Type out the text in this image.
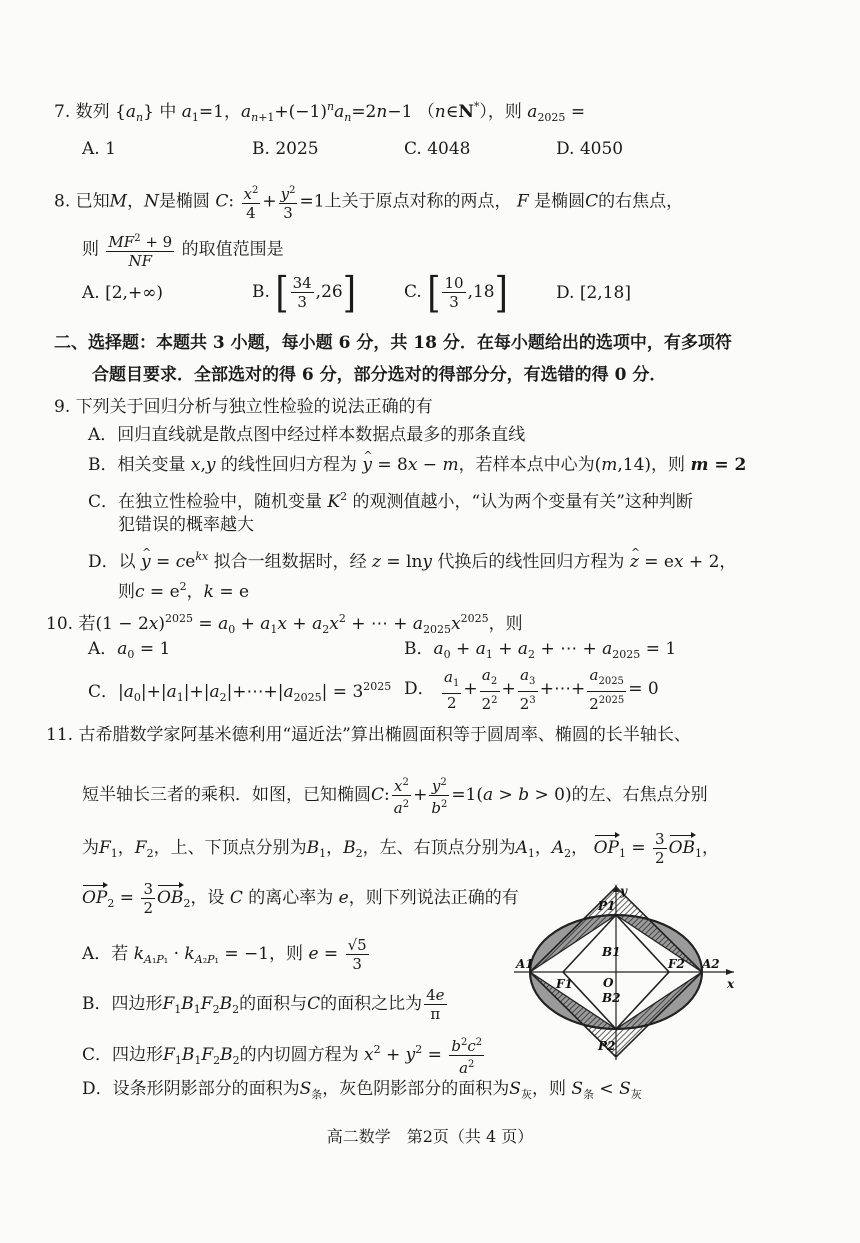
7. 数列 $\{a_n\}$ 中 $a_1=1$，$a_{n+1}+(-1)^na_n=2n-1$ （n∈N*），则 $a_{2025}$ =
A. 1	B. 2025	C. 4048	D. 4050
8. 已知M，N是椭圆 C: $\frac{x^2}{4} + \frac{y^2}{3} =1$上关于原点对称的两点， F 是椭圆C的右焦点，
则 $\frac{MF^2 + 9}{NF}$ 的取值范围是
A. [2,+∞)	B. [ $\frac{34}{3} ,26$]	C. [ $\frac{10}{3} ,18$]	D. [2,18]
二、选择题：本题共 3 小题，每小题 6 分，共 18 分．在每小题给出的选项中，有多项符
合题目要求．全部选对的得 6 分，部分选对的得部分分，有选错的得 0 分．
9. 下列关于回归分析与独立性检验的说法正确的有
A．回归直线就是散点图中经过样本数据点最多的那条直线
B．相关变量 x,y 的线性回归方程为 ^ y = 8x − m，若样本点中心为(m,14)，则 m = 2
C．在独立性检验中，随机变量 $K^2$ 的观测值越小，“认为两个变量有关”这种判断
犯错误的概率越大
D．以 ^ $y = ce^{kx}$ 拟合一组数据时，经 z = lny 代换后的线性回归方程为 ^ z = ex + 2，
则$c = e^2$，k = e
10. 若$(1 - 2x)^{2025} = a_0 + a_1x + a_2x^2$ + ⋯ + $a_{2025}x^{2025}$，则
A．$a_0 = 1$	B．$a_0 + a_1 + a_2$ + ⋯ + $a_{2025} = 1$
C．$|a_0|+|a_1|+|a_2|+\cdots+|a_{2025}| = 3^{2025}$ D． $\frac{a_1}{2} + \frac{a_2}{2^2} + \frac{a_3}{2^3}$ +⋯+ $\frac{a_{2025}}{2^{2025}} = 0$
11. 古希腊数学家阿基米德利用“逼近法”算出椭圆面积等于圆周率、椭圆的长半轴长、
短半轴长三者的乘积．如图，已知椭圆C: $\frac{x^2}{a^2} + \frac{y^2}{b^2} =1(a > b > 0)$的左、右焦点分别
为$F_1$，$F_2$，上、下顶点分别为$B_1$，$B_2$，左、右顶点分别为$A_1$，$A_2$， $OP_1 = \frac{3}{2} OB_1$，
$OP_2 = \frac{3}{2} OB_2$，设 C 的离心率为 e，则下列说法正确的有
A．若 $k_{A_1P_1} \cdot k_{A_2P_1} = -1$，则 $e = \frac{√5}{3}$
B．四边形$F_1B_1F_2B_2$的面积与C的面积之比为 $\frac{4e}{\pi}$
C．四边形$F_1B_1F_2B_2$的内切圆方程为 $x^2 + y^2 = \frac{b^2c^2}{a^2}$
D．设条形阴影部分的面积为$S_条$，灰色阴影部分的面积为$S_灰$，则 $S_条 < S_灰$
y
x
P1
P2
A1	A2
F1
F2
B1
B2
O
高二数学　第2页（共 4 页）
